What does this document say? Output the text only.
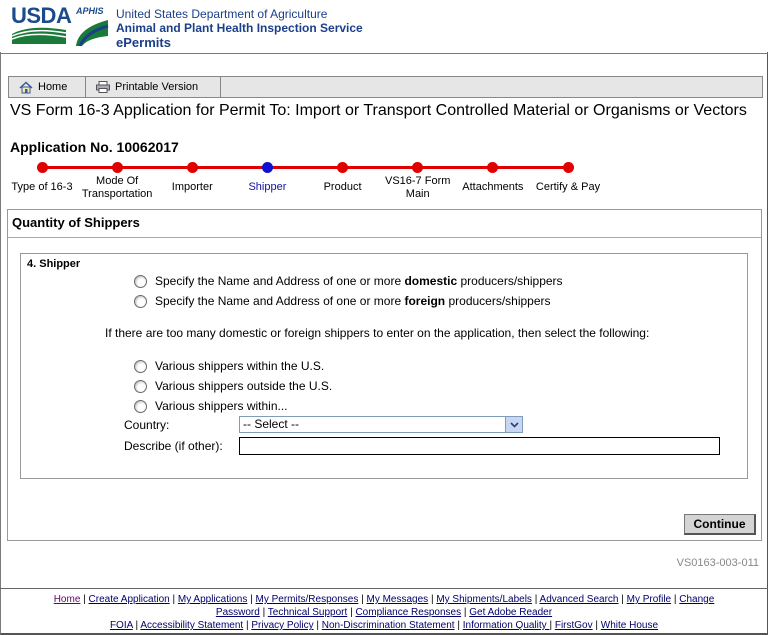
USDA APHIS United States Department of Agriculture
Animal and Plant Health Inspection Service
ePermits
Home	Printable Version
VS Form 16-3 Application for Permit To: Import or Transport Controlled Material or Organisms or Vectors
Application No. 10062017
Type of 16-3	Mode Of Transportation
Importer	Shipper	Product	VS16-7 Form Main
Attachments	Certify & Pay
Quantity of Shippers
4. Shipper
Specify the Name and Address of one or more domestic producers/shippers
Specify the Name and Address of one or more foreign producers/shippers
If there are too many domestic or foreign shippers to enter on the application, then select the following:
Various shippers within the U.S.
Various shippers outside the U.S.
Various shippers within...
Country:	-- Select --
Describe (if other):
Continue
VS0163-003-011
Home | Create Application | My Applications | My Permits/Responses | My Messages | My Shipments/Labels | Advanced Search | My Profile | Change
Password | Technical Support | Compliance Responses | Get Adobe Reader
FOIA | Accessibility Statement | Privacy Policy | Non-Discrimination Statement | Information Quality | FirstGov | White House
